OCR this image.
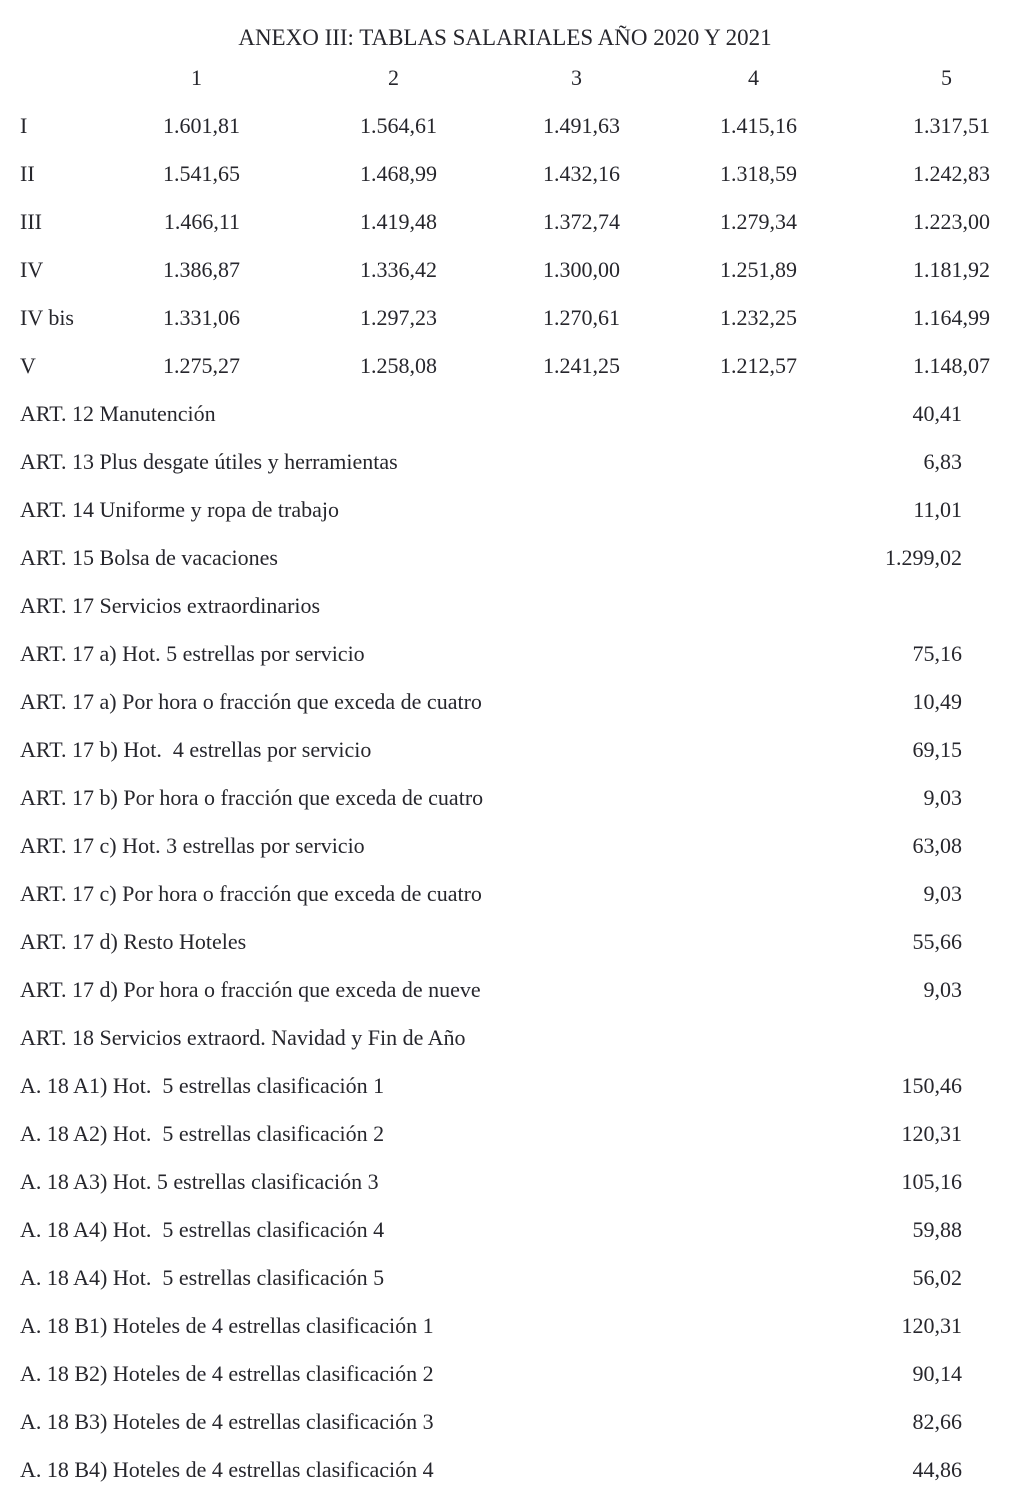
ANEXO III: TABLAS SALARIALES AÑO 2020 Y 2021
	1	2	3	4	5
I	1.601,81	1.564,61	1.491,63	1.415,16	1.317,51
II	1.541,65	1.468,99	1.432,16	1.318,59	1.242,83
III	1.466,11	1.419,48	1.372,74	1.279,34	1.223,00
IV	1.386,87	1.336,42	1.300,00	1.251,89	1.181,92
IV bis	1.331,06	1.297,23	1.270,61	1.232,25	1.164,99
V	1.275,27	1.258,08	1.241,25	1.212,57	1.148,07
ART. 12 Manutención	40,41
ART. 13 Plus desgate útiles y herramientas	6,83
ART. 14 Uniforme y ropa de trabajo	11,01
ART. 15 Bolsa de vacaciones	1.299,02
ART. 17 Servicios extraordinarios
ART. 17 a) Hot. 5 estrellas por servicio	75,16
ART. 17 a) Por hora o fracción que exceda de cuatro	10,49
ART. 17 b) Hot.  4 estrellas por servicio	69,15
ART. 17 b) Por hora o fracción que exceda de cuatro	9,03
ART. 17 c) Hot. 3 estrellas por servicio	63,08
ART. 17 c) Por hora o fracción que exceda de cuatro	9,03
ART. 17 d) Resto Hoteles	55,66
ART. 17 d) Por hora o fracción que exceda de nueve	9,03
ART. 18 Servicios extraord. Navidad y Fin de Año
A. 18 A1) Hot.  5 estrellas clasificación 1	150,46
A. 18 A2) Hot.  5 estrellas clasificación 2	120,31
A. 18 A3) Hot. 5 estrellas clasificación 3	105,16
A. 18 A4) Hot.  5 estrellas clasificación 4	59,88
A. 18 A4) Hot.  5 estrellas clasificación 5	56,02
A. 18 B1) Hoteles de 4 estrellas clasificación 1	120,31
A. 18 B2) Hoteles de 4 estrellas clasificación 2	90,14
A. 18 B3) Hoteles de 4 estrellas clasificación 3	82,66
A. 18 B4) Hoteles de 4 estrellas clasificación 4	44,86
